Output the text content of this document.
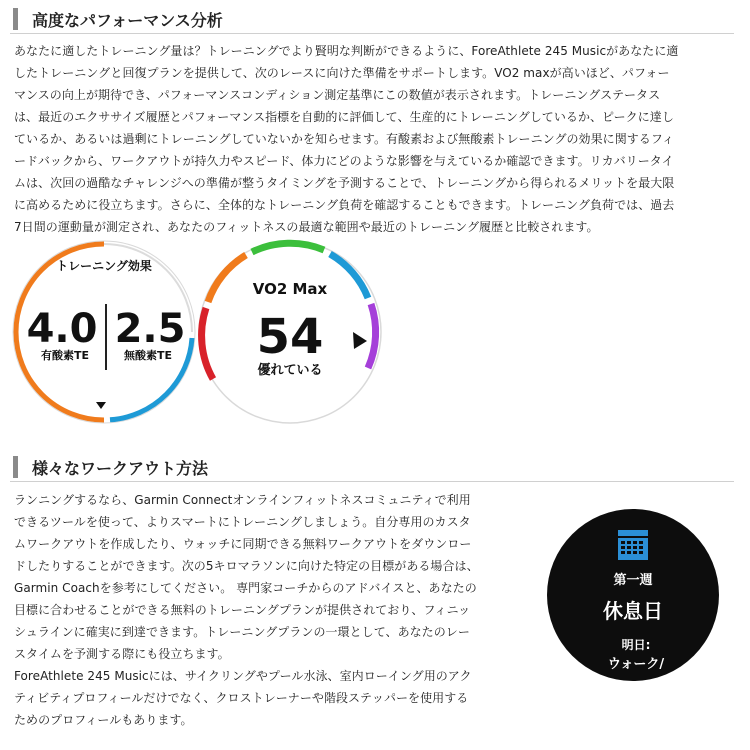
高度なパフォーマンス分析
あなたに適したトレーニング量は？トレーニングでより賢明な判断ができるように、ForeAthlete 245 Musicがあなたに適
したトレーニングと回復プランを提供して、次のレースに向けた準備をサポートします。VO2 maxが高いほど、パフォー
マンスの向上が期待でき、パフォーマンスコンディション測定基準にこの数値が表示されます。トレーニングステータス
は、最近のエクササイズ履歴とパフォーマンス指標を自動的に評価して、生産的にトレーニングしているか、ピークに達し
ているか、あるいは過剰にトレーニングしていないかを知らせます。有酸素および無酸素トレーニングの効果に関するフィ
ードバックから、ワークアウトが持久力やスピード、体力にどのような影響を与えているか確認できます。リカバリータイ
ムは、次回の過酷なチャレンジへの準備が整うタイミングを予測することで、トレーニングから得られるメリットを最大限
に高めるために役立ちます。さらに、全体的なトレーニング負荷を確認することもできます。トレーニング負荷では、過去
7日間の運動量が測定され、あなたのフィットネスの最適な範囲や最近のトレーニング履歴と比較されます。
トレーニング効果
4.0 2.5
有酸素TE	無酸素TE
VO2 Max
54
優れている
様々なワークアウト方法
ランニングするなら、Garmin Connectオンラインフィットネスコミュニティで利用
できるツールを使って、よりスマートにトレーニングしましょう。自分専用のカスタ
ムワークアウトを作成したり、ウォッチに同期できる無料ワークアウトをダウンロー
ドしたりすることができます。次の5キロマラソンに向けた特定の目標がある場合は、
Garmin Coachを参考にしてください。 専門家コーチからのアドバイスと、あなたの
目標に合わせることができる無料のトレーニングプランが提供されており、フィニッ
シュラインに確実に到達できます。トレーニングプランの一環として、あなたのレー
スタイムを予測する際にも役立ちます。
ForeAthlete 245 Musicには、サイクリングやプール水泳、室内ローイング用のアク
ティビティプロフィールだけでなく、クロストレーナーや階段ステッパーを使用する
ためのプロフィールもあります。
第一週
休息日
明日:
ウォーク/
